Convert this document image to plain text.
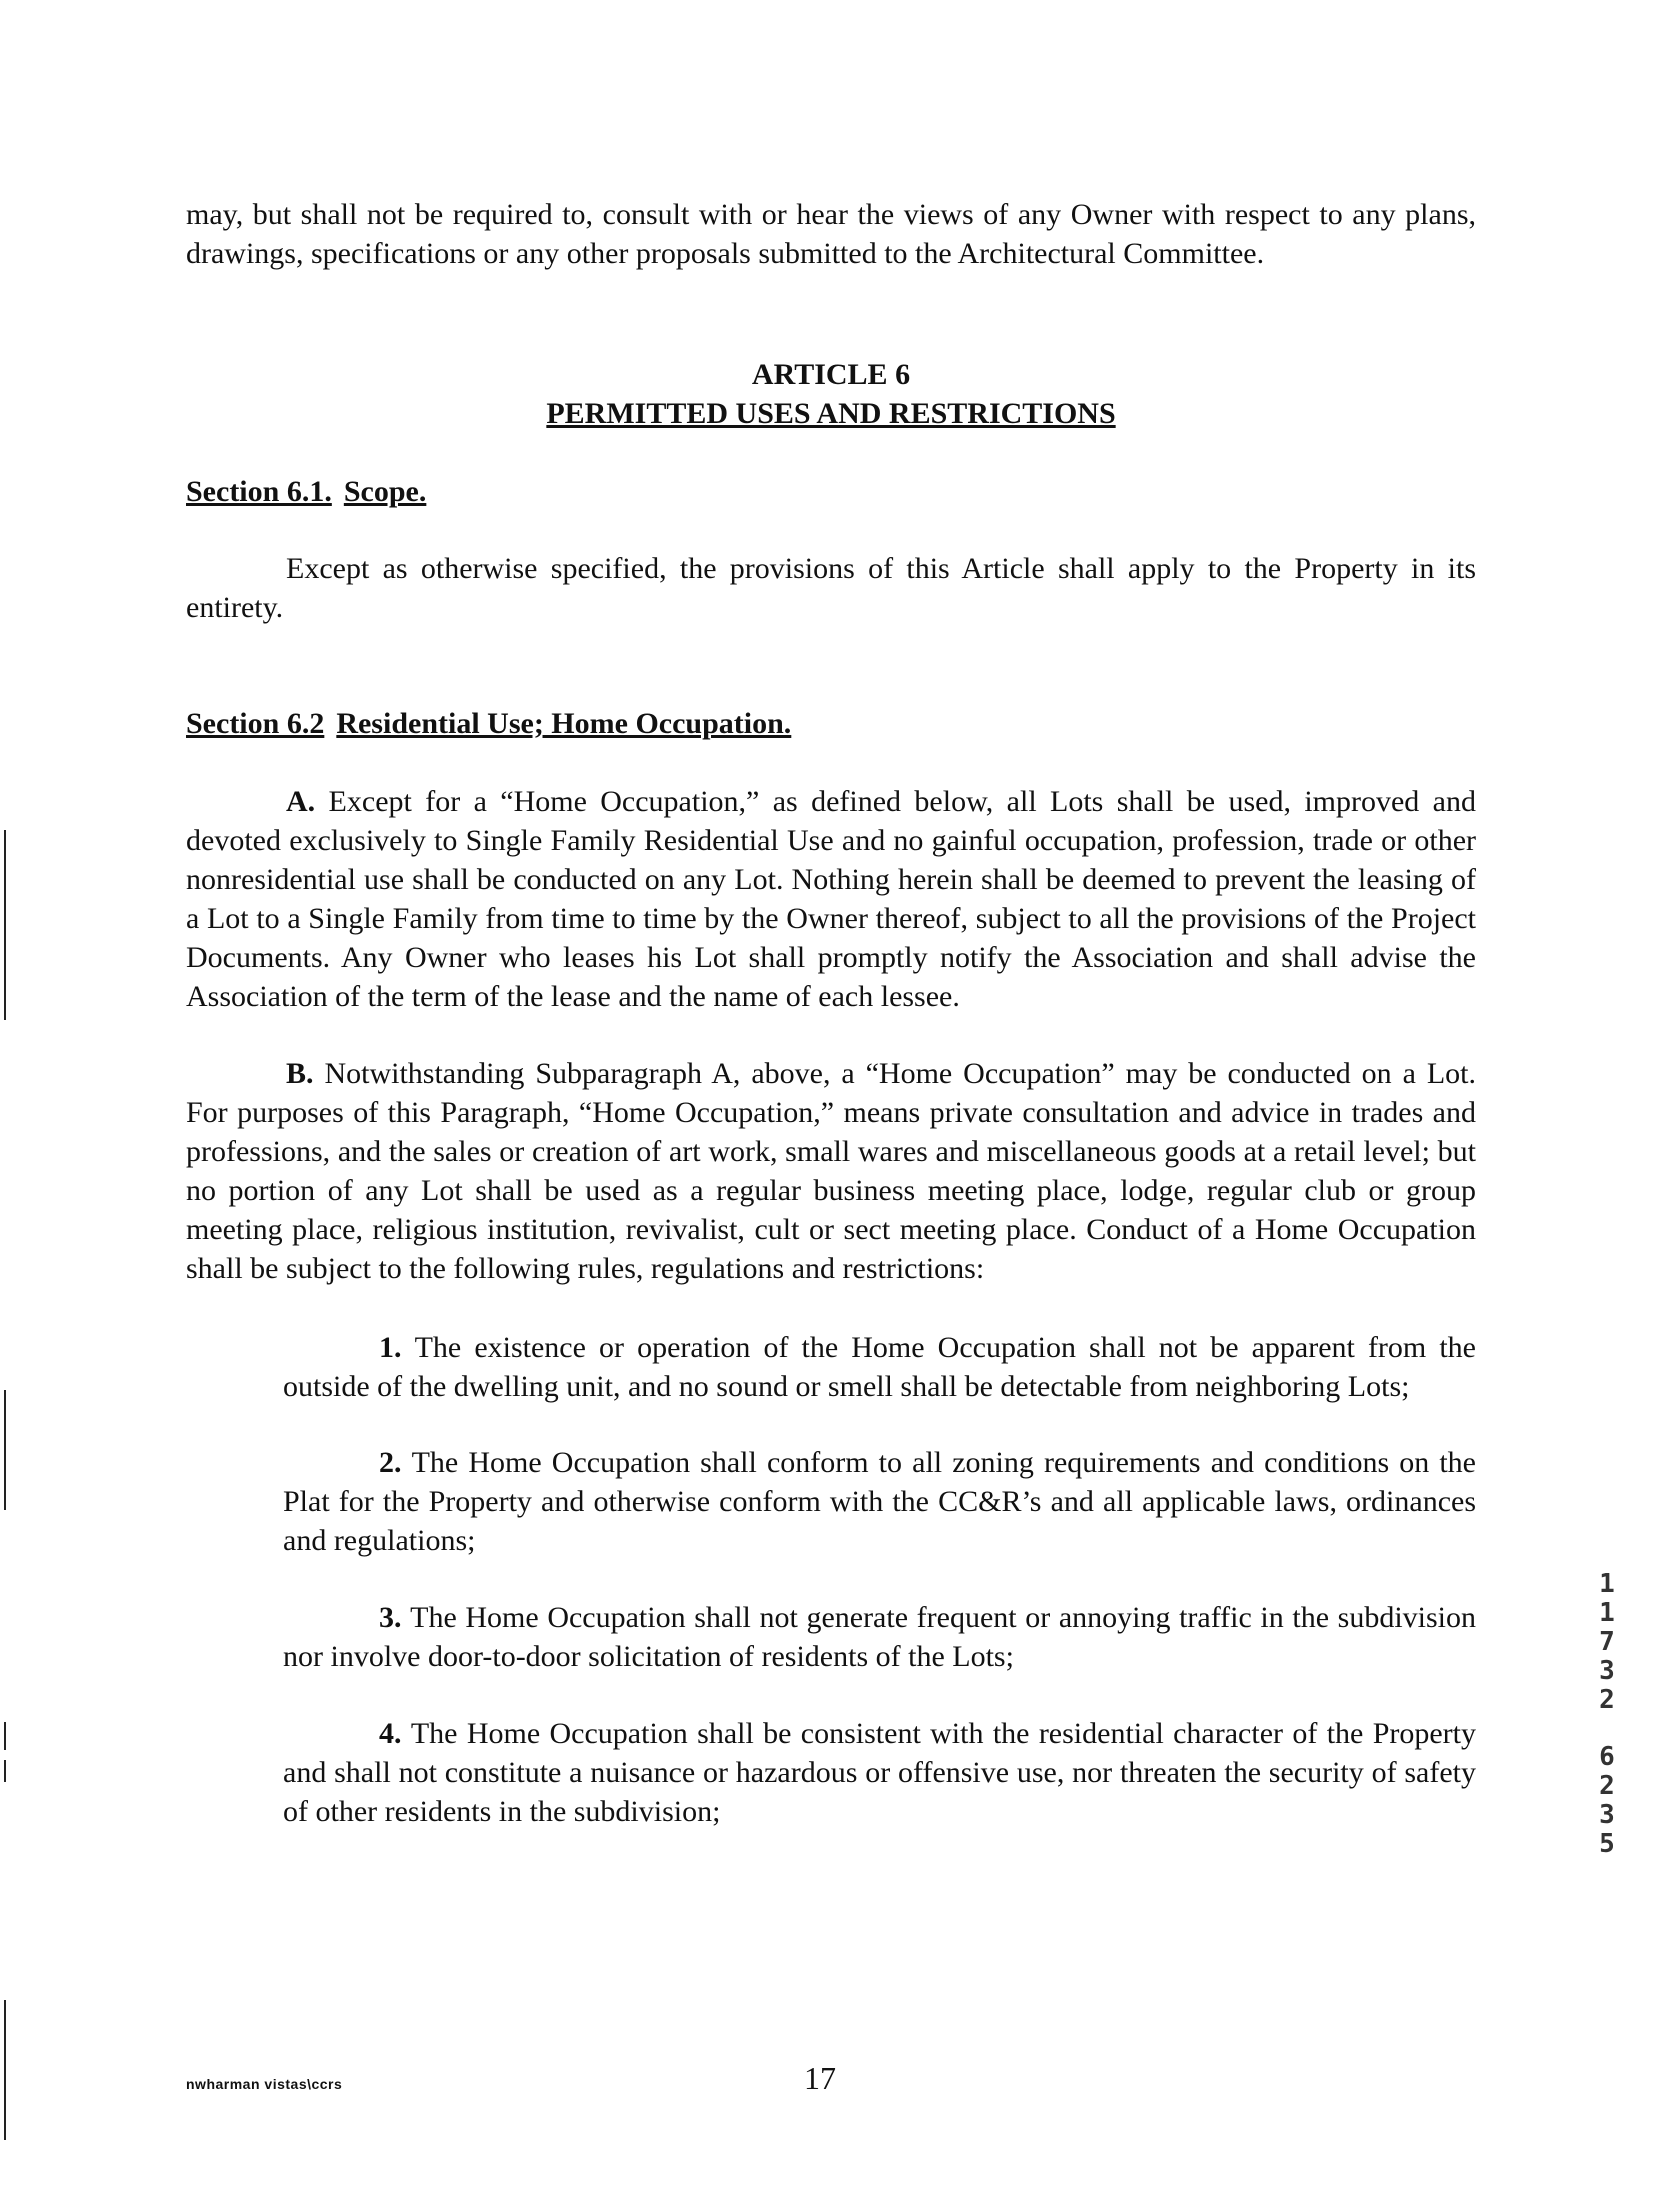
may, but shall not be required to, consult with or hear the views of any Owner with respect to any plans, drawings, specifications or any other proposals submitted to the Architectural Committee.

ARTICLE 6
PERMITTED USES AND RESTRICTIONS
Section 6.1. Scope.

Except as otherwise specified, the provisions of this Article shall apply to the Property in its entirety.

Section 6.2 Residential Use; Home Occupation.

A. Except for a “Home Occupation,” as defined below, all Lots shall be used, improved and devoted exclusively to Single Family Residential Use and no gainful occupation, profession, trade or other nonresidential use shall be conducted on any Lot. Nothing herein shall be deemed to prevent the leasing of a Lot to a Single Family from time to time by the Owner thereof, subject to all the provisions of the Project Documents. Any Owner who leases his Lot shall promptly notify the Association and shall advise the Association of the term of the lease and the name of each lessee.

B. Notwithstanding Subparagraph A, above, a “Home Occupation” may be conducted on a Lot. For purposes of this Paragraph, “Home Occupation,” means private consultation and advice in trades and professions, and the sales or creation of art work, small wares and miscellaneous goods at a retail level; but no portion of any Lot shall be used as a regular business meeting place, lodge, regular club or group meeting place, religious institution, revivalist, cult or sect meeting place. Conduct of a Home Occupation shall be subject to the following rules, regulations and restrictions:

1. The existence or operation of the Home Occupation shall not be apparent from the outside of the dwelling unit, and no sound or smell shall be detectable from neighboring Lots;

2. The Home Occupation shall conform to all zoning requirements and conditions on the Plat for the Property and otherwise conform with the CC&R’s and all applicable laws, ordinances and regulations;

3. The Home Occupation shall not generate frequent or annoying traffic in the subdivision nor involve door-to-door solicitation of residents of the Lots;

4. The Home Occupation shall be consistent with the residential character of the Property and shall not constitute a nuisance or hazardous or offensive use, nor threaten the security of safety of other residents in the subdivision;

nwharman vistas\ccrs	17
1
1
7
3
2
6
2
3
5
